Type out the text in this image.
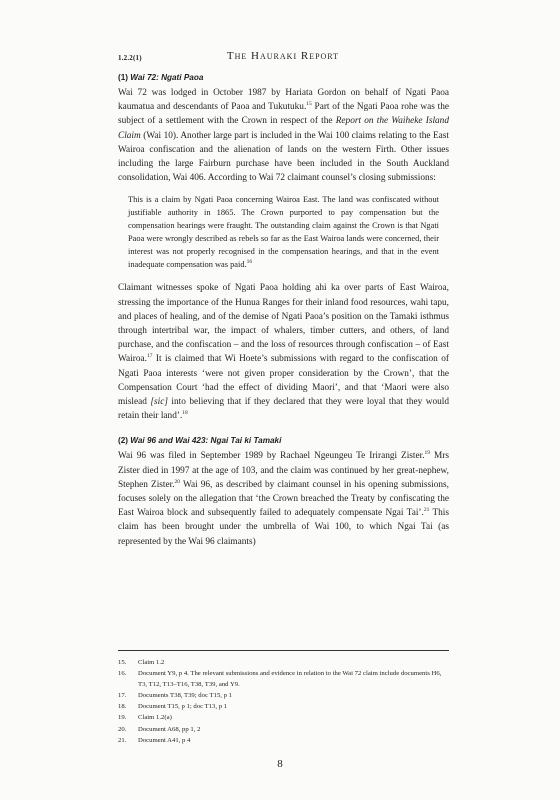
1.2.2(1)	The Hauraki Report
(1) Wai 72: Ngati Paoa

Wai 72 was lodged in October 1987 by Hariata Gordon on behalf of Ngati Paoa kaumatua and descendants of Paoa and Tukutuku.$^{15}$ Part of the Ngati Paoa rohe was the subject of a settlement with the Crown in respect of the Report on the Waiheke Island Claim (Wai 10). Another large part is included in the Wai 100 claims relating to the East Wairoa confiscation and the alienation of lands on the western Firth. Other issues including the large Fairburn purchase have been included in the South Auckland consolidation, Wai 406. According to Wai 72 claimant counsel’s closing submissions:

This is a claim by Ngati Paoa concerning Wairoa East. The land was confiscated without justifiable authority in 1865. The Crown purported to pay compensation but the compensation hearings were fraught. The outstanding claim against the Crown is that Ngati Paoa were wrongly described as rebels so far as the East Wairoa lands were concerned, their interest was not properly recognised in the compensation hearings, and that in the event inadequate compensation was paid.$^{16}$

Claimant witnesses spoke of Ngati Paoa holding ahi ka over parts of East Wairoa, stressing the importance of the Hunua Ranges for their inland food resources, wahi tapu, and places of healing, and of the demise of Ngati Paoa’s position on the Tamaki isthmus through intertribal war, the impact of whalers, timber cutters, and others, of land purchase, and the confiscation – and the loss of resources through confiscation – of East Wairoa.$^{17}$ It is claimed that Wi Hoete’s submissions with regard to the confiscation of Ngati Paoa interests ‘were not given proper consideration by the Crown’, that the Compensation Court ‘had the effect of dividing Maori’, and that ‘Maori were also mislead [sic] into believing that if they declared that they were loyal that they would retain their land’.$^{18}$

(2) Wai 96 and Wai 423: Ngai Tai ki Tamaki

Wai 96 was filed in September 1989 by Rachael Ngeungeu Te Irirangi Zister.$^{19}$ Mrs Zister died in 1997 at the age of 103, and the claim was continued by her great-nephew, Stephen Zister.$^{20}$ Wai 96, as described by claimant counsel in his opening submissions, focuses solely on the allegation that ‘the Crown breached the Treaty by confiscating the East Wairoa block and subsequently failed to adequately compensate Ngai Tai’.$^{21}$ This claim has been brought under the umbrella of Wai 100, to which Ngai Tai (as represented by the Wai 96 claimants)

15.	Claim 1.2
16.	Document Y9, p 4. The relevant submissions and evidence in relation to the Wai 72 claim include documents H6, T3, T12, T13–T16, T38, T39, and Y9.
17.	Documents T38, T39; doc T15, p 1
18.	Document T15, p 1; doc T13, p 1
19.	Claim 1.2(a)
20.	Document A68, pp 1, 2
21.	Document A41, p 4
8
